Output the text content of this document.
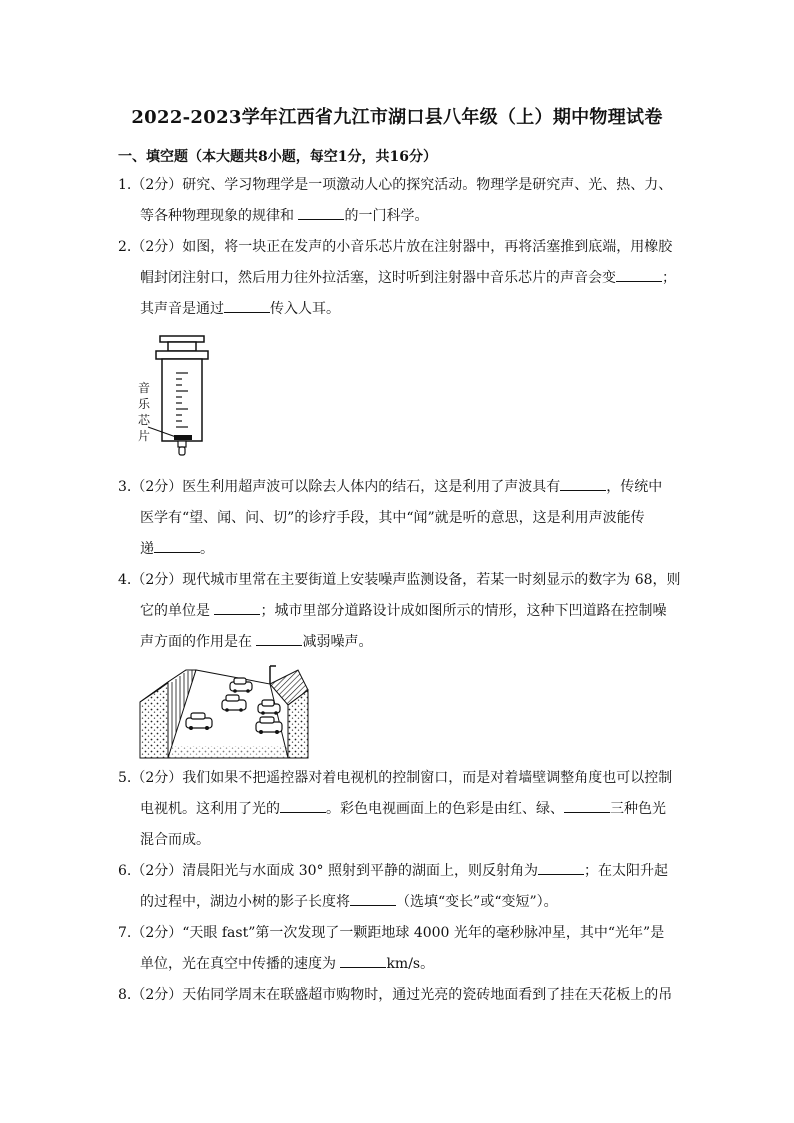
2022-2023学年江西省九江市湖口县八年级（上）期中物理试卷
一、填空题（本大题共8小题，每空1分，共16分）
1.（2分）研究、学习物理学是一项激动人心的探究活动。物理学是研究声、光、热、力、
等各种物理现象的规律和	的一门科学。
2.（2分）如图，将一块正在发声的小音乐芯片放在注射器中，再将活塞推到底端，用橡胶
帽封闭注射口，然后用力往外拉活塞，这时听到注射器中音乐芯片的声音会变	；
其声音是通过	传入人耳。
音
乐
芯
片
3.（2分）医生利用超声波可以除去人体内的结石，这是利用了声波具有	，传统中
医学有“望、闻、问、切”的诊疗手段，其中“闻”就是听的意思，这是利用声波能传
递	。
4.（2分）现代城市里常在主要街道上安装噪声监测设备，若某一时刻显示的数字为 68，则
它的单位是	；城市里部分道路设计成如图所示的情形，这种下凹道路在控制噪
声方面的作用是在	减弱噪声。
5.（2分）我们如果不把遥控器对着电视机的控制窗口，而是对着墙壁调整角度也可以控制
电视机。这利用了光的	。彩色电视画面上的色彩是由红、绿、	三种色光
混合而成。
6.（2分）清晨阳光与水面成 30° 照射到平静的湖面上，则反射角为	；在太阳升起
的过程中，湖边小树的影子长度将	（选填“变长”或“变短”）。
7.（2分）“天眼 fast”第一次发现了一颗距地球 4000 光年的毫秒脉冲星，其中“光年”是
单位，光在真空中传播的速度为	km/s。
8.（2分）天佑同学周末在联盛超市购物时，通过光亮的瓷砖地面看到了挂在天花板上的吊
